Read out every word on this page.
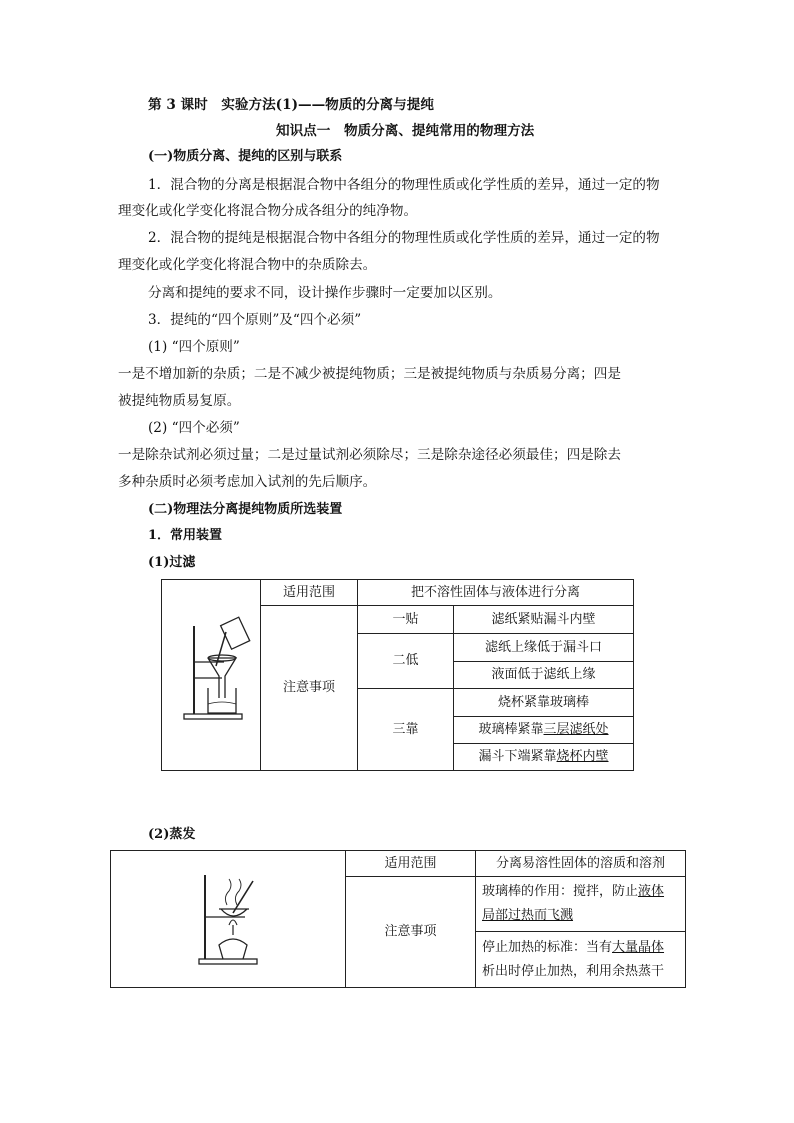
第 3 课时　实验方法(1)——物质的分离与提纯
知识点一　物质分离、提纯常用的物理方法
(一)物质分离、提纯的区别与联系
1．混合物的分离是根据混合物中各组分的物理性质或化学性质的差异，通过一定的物
理变化或化学变化将混合物分成各组分的纯净物。
2．混合物的提纯是根据混合物中各组分的物理性质或化学性质的差异，通过一定的物
理变化或化学变化将混合物中的杂质除去。
分离和提纯的要求不同，设计操作步骤时一定要加以区别。
3．提纯的“四个原则”及“四个必须”
(1) “四个原则”
一是不增加新的杂质；二是不减少被提纯物质；三是被提纯物质与杂质易分离；四是
被提纯物质易复原。
(2) “四个必须”
一是除杂试剂必须过量；二是过量试剂必须除尽；三是除杂途径必须最佳；四是除去
多种杂质时必须考虑加入试剂的先后顺序。
(二)物理法分离提纯物质所选装置
1．常用装置
(1)过滤
	适用范围	把不溶性固体与液体进行分离	
	注意事项	一贴	滤纸紧贴漏斗内壁
		二低	滤纸上缘低于漏斗口
			液面低于滤纸上缘
		三靠	烧杯紧靠玻璃棒
			玻璃棒紧靠三层滤纸处
			漏斗下端紧靠烧杯内壁
(2)蒸发
	适用范围	分离易溶性固体的溶质和溶剂
	注意事项	玻璃棒的作用：搅拌，防止液体
局部过热而飞溅
		停止加热的标准：当有大量晶体
析出时停止加热，利用余热蒸干
